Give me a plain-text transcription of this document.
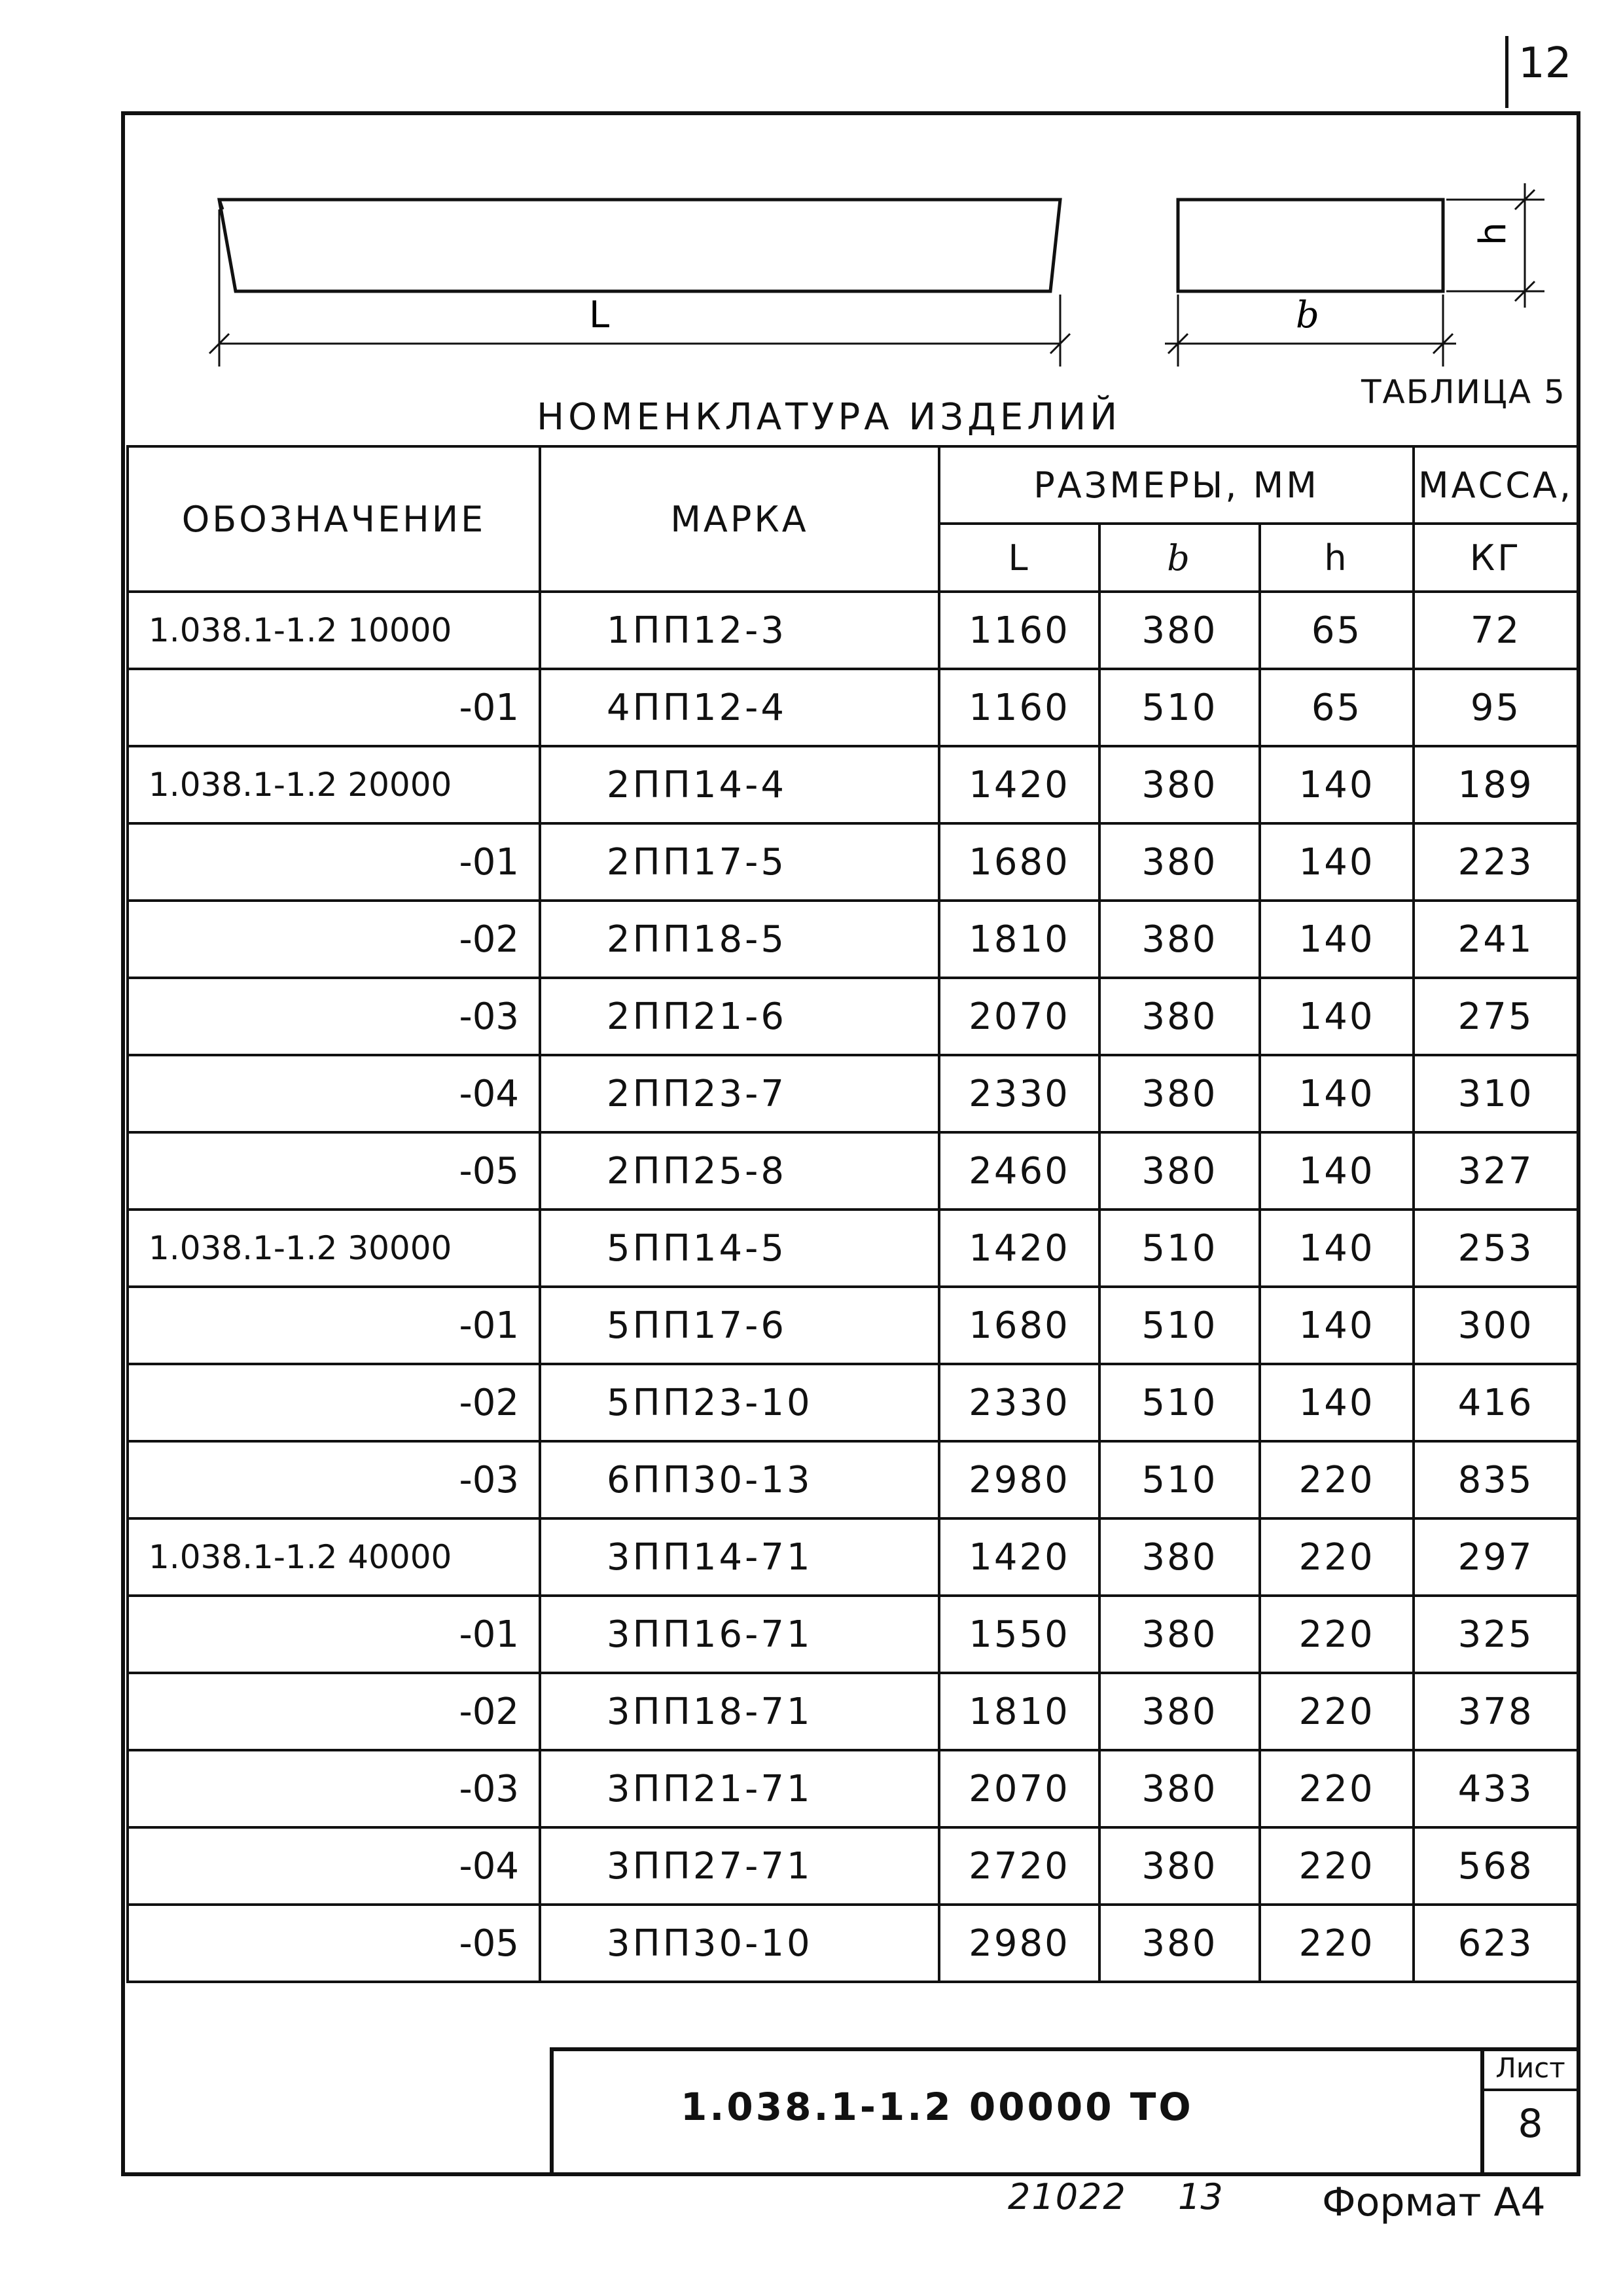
12
L	b
h
ТАБЛИЦА 5
НОМЕНКЛАТУРА ИЗДЕЛИЙ
ОБОЗНАЧЕНИЕ	МАРКА	РАЗМЕРЫ, ММ			МАССА,
		L	b	h	КГ
1.038.1-1.2 10000	1ПП12-3	1160	380	65	72
-01	4ПП12-4	1160	510	65	95
1.038.1-1.2 20000	2ПП14-4	1420	380	140	189
-01	2ПП17-5	1680	380	140	223
-02	2ПП18-5	1810	380	140	241
-03	2ПП21-6	2070	380	140	275
-04	2ПП23-7	2330	380	140	310
-05	2ПП25-8	2460	380	140	327
1.038.1-1.2 30000	5ПП14-5	1420	510	140	253
-01	5ПП17-6	1680	510	140	300
-02	5ПП23-10	2330	510	140	416
-03	6ПП30-13	2980	510	220	835
1.038.1-1.2 40000	3ПП14-71	1420	380	220	297
-01	3ПП16-71	1550	380	220	325
-02	3ПП18-71	1810	380	220	378
-03	3ПП21-71	2070	380	220	433
-04	3ПП27-71	2720	380	220	568
-05	3ПП30-10	2980	380	220	623
1.038.1-1.2 00000 ТО
Лист
8
21022 13	Формат А4
